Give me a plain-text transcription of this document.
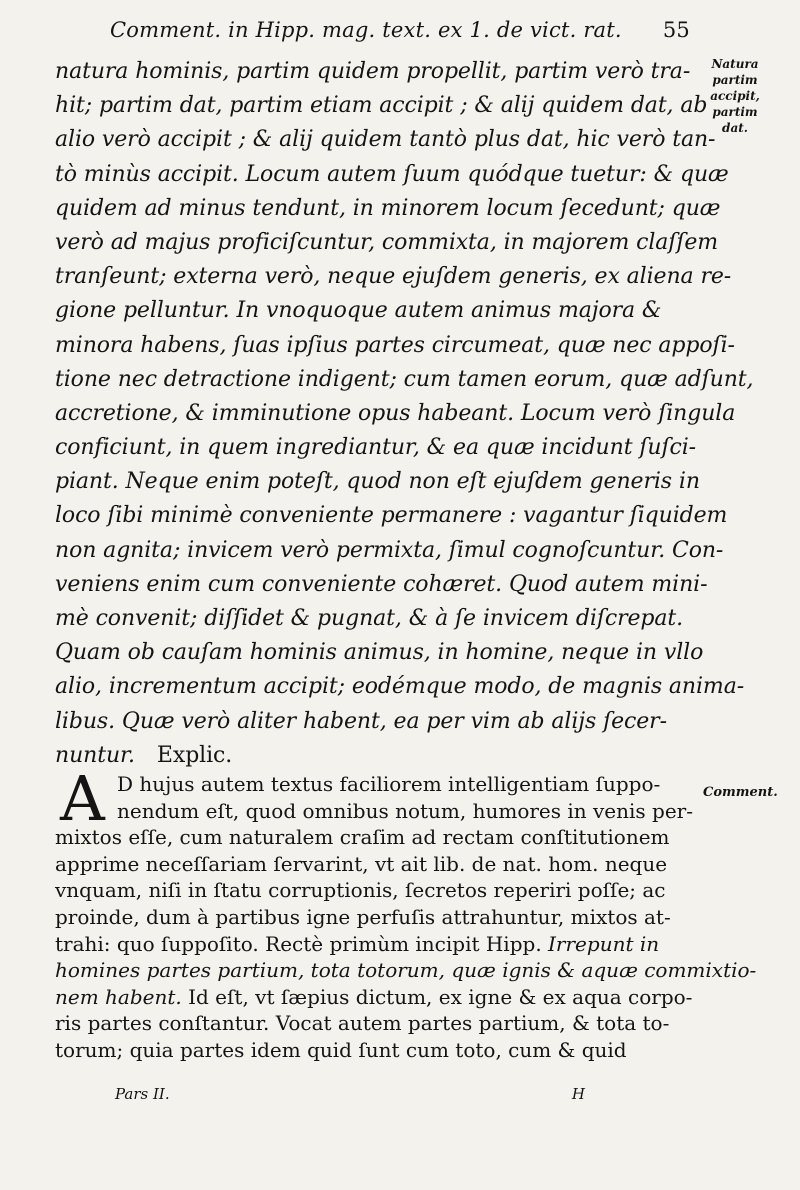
Comment. in Hipp. mag. text. ex 1. de vict. rat. 55
Natura
partim
accipit,
partim
dat.
natura hominis, partim quidem propellit, partim verò tra-
hit; partim dat, partim etiam accipit ; & alij quidem dat, ab
alio verò accipit ; & alij quidem tantò plus dat, hic verò tan-
tò minùs accipit. Locum autem ſuum quódque tuetur: & quæ
quidem ad minus tendunt, in minorem locum ſecedunt; quæ
verò ad majus proficiſcuntur, commixta, in majorem claſſem
tranſeunt; externa verò, neque ejuſdem generis, ex aliena re-
gione pelluntur. In vnoquoque autem animus majora &
minora habens, ſuas ipſius partes circumeat, quæ nec appoſi-
tione nec detractione indigent; cum tamen eorum, quæ adſunt,
accretione, & imminutione opus habeant. Locum verò ſingula
conficiunt, in quem ingrediantur, & ea quæ incidunt ſuſci-
piant. Neque enim poteſt, quod non eſt ejuſdem generis in
loco ſibi minimè conveniente permanere : vagantur ſiquidem
non agnita; invicem verò permixta, ſimul cognoſcuntur. Con-
veniens enim cum conveniente cohæret. Quod autem mini-
mè convenit; diſſidet & pugnat, & à ſe invicem diſcrepat.
Quam ob cauſam hominis animus, in homine, neque in vllo
alio, incrementum accipit; eodémque modo, de magnis anima-
libus. Quæ verò aliter habent, ea per vim ab alijs ſecer-
nuntur. Explic.
A	Comment.
D hujus autem textus faciliorem intelligentiam ſuppo-
nendum eſt, quod omnibus notum, humores in venis per-
mixtos eſſe, cum naturalem craſim ad rectam conſtitutionem
apprime neceſſariam ſervarint, vt ait lib. de nat. hom. neque
vnquam, niſi in ſtatu corruptionis, ſecretos reperiri poſſe; ac
proinde, dum à partibus igne perfuſis attrahuntur, mixtos at-
trahi: quo ſuppoſito. Rectè primùm incipit Hipp. Irrepunt in
homines partes partium, tota totorum, quæ ignis & aquæ commixtio-
nem habent. Id eſt, vt ſæpius dictum, ex igne & ex aqua corpo-
ris partes conſtantur. Vocat autem partes partium, & tota to-
torum; quia partes idem quid ſunt cum toto, cum & quid
Pars II.	H
